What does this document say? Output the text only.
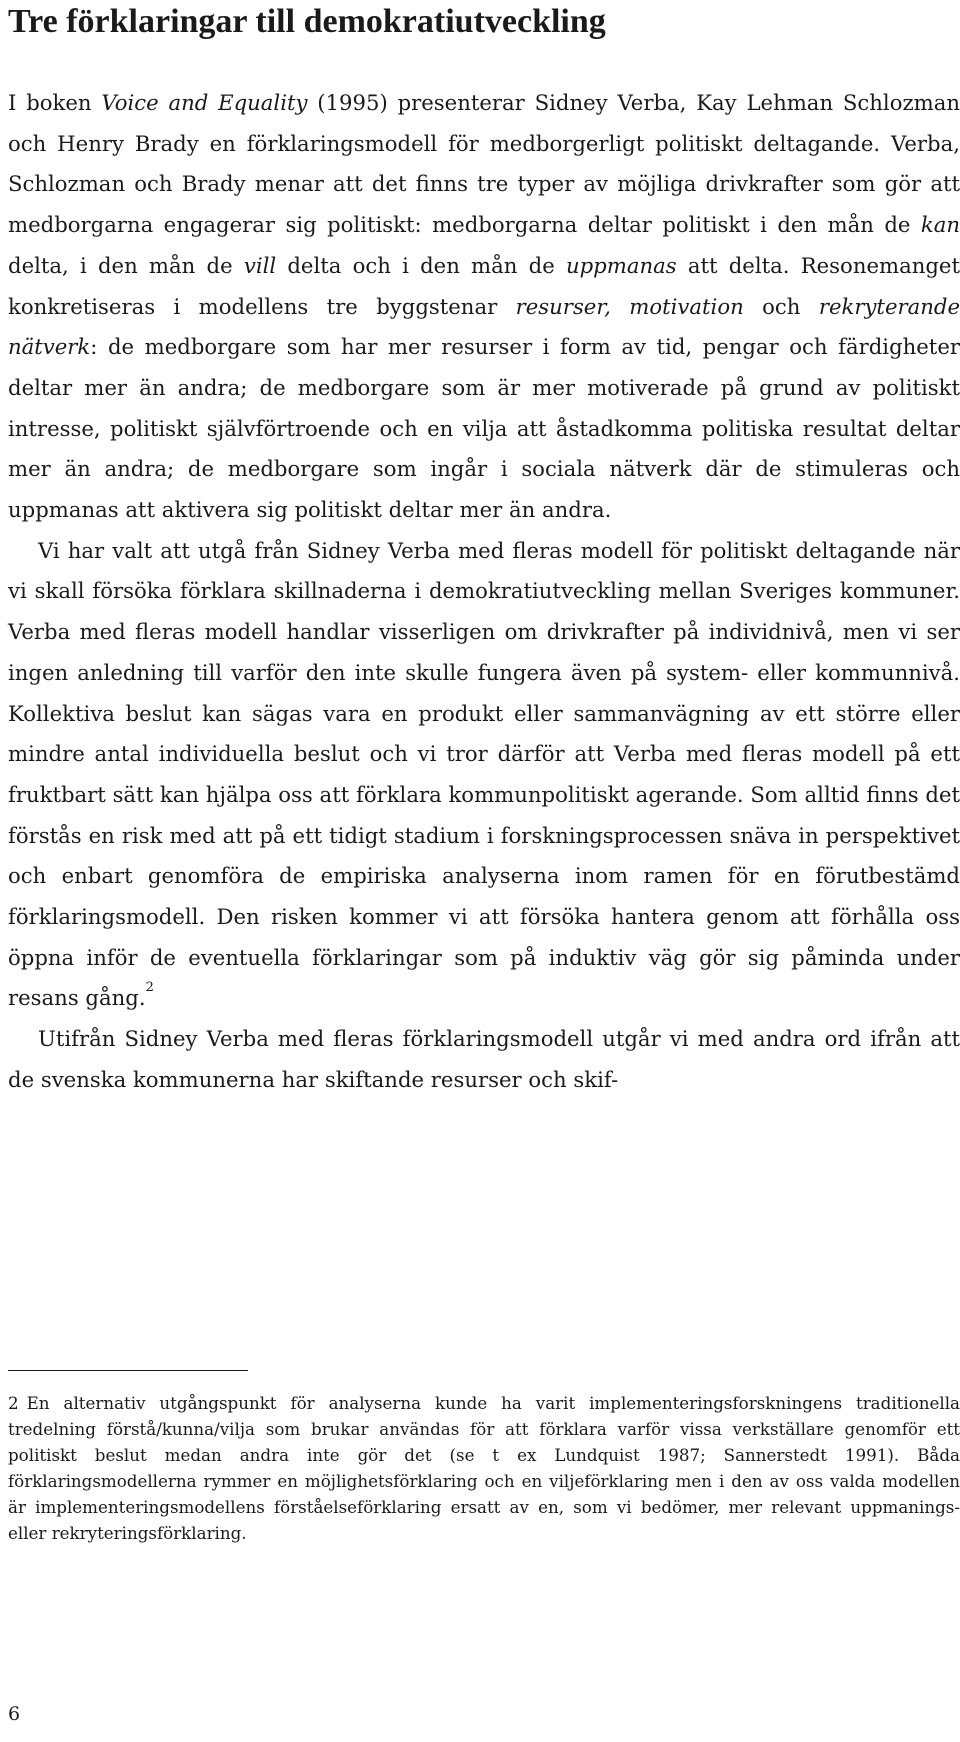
Tre förklaringar till demokratiutveckling

I boken Voice and Equality (1995) presenterar Sidney Verba, Kay Lehman Schlozman och Henry Brady en förklaringsmodell för medborgerligt politiskt deltagande. Verba, Schlozman och Brady menar att det finns tre typer av möjliga drivkrafter som gör att medborgarna engagerar sig politiskt: medborgarna deltar politiskt i den mån de kan delta, i den mån de vill delta och i den mån de uppmanas att delta. Resonemanget konkretiseras i modellens tre byggstenar resurser, motivation och rekryterande nätverk: de medborgare som har mer resurser i form av tid, pengar och färdigheter deltar mer än andra; de medborgare som är mer motiverade på grund av politiskt intresse, politiskt självförtroende och en vilja att åstadkomma politiska resultat deltar mer än andra; de medborgare som ingår i sociala nätverk där de stimuleras och uppmanas att aktivera sig politiskt deltar mer än andra.

Vi har valt att utgå från Sidney Verba med fleras modell för politiskt deltagande när vi skall försöka förklara skillnaderna i demokratiutveckling mellan Sveriges kommuner. Verba med fleras modell handlar visserligen om drivkrafter på individnivå, men vi ser ingen anledning till varför den inte skulle fungera även på system- eller kommunnivå. Kollektiva beslut kan sägas vara en produkt eller sammanvägning av ett större eller mindre antal individuella beslut och vi tror därför att Verba med fleras modell på ett fruktbart sätt kan hjälpa oss att förklara kommunpolitiskt agerande. Som alltid finns det förstås en risk med att på ett tidigt stadium i forskningsprocessen snäva in perspektivet och enbart genomföra de empiriska analyserna inom ramen för en förutbestämd förklaringsmodell. Den risken kommer vi att försöka hantera genom att förhålla oss öppna inför de eventuella förklaringar som på induktiv väg gör sig påminda under resans gång.$^2$

Utifrån Sidney Verba med fleras förklaringsmodell utgår vi med andra ord ifrån att de svenska kommunerna har skiftande resurser och skif-

2 En alternativ utgångspunkt för analyserna kunde ha varit implementeringsforskningens traditionella tredelning förstå/kunna/vilja som brukar användas för att förklara varför vissa verkställare genomför ett politiskt beslut medan andra inte gör det (se t ex Lundquist 1987; Sannerstedt 1991). Båda förklaringsmodellerna rymmer en möjlighetsförklaring och en viljeförklaring men i den av oss valda modellen är implementeringsmodellens förståelseförklaring ersatt av en, som vi bedömer, mer relevant uppmanings- eller rekryteringsförklaring.
6
